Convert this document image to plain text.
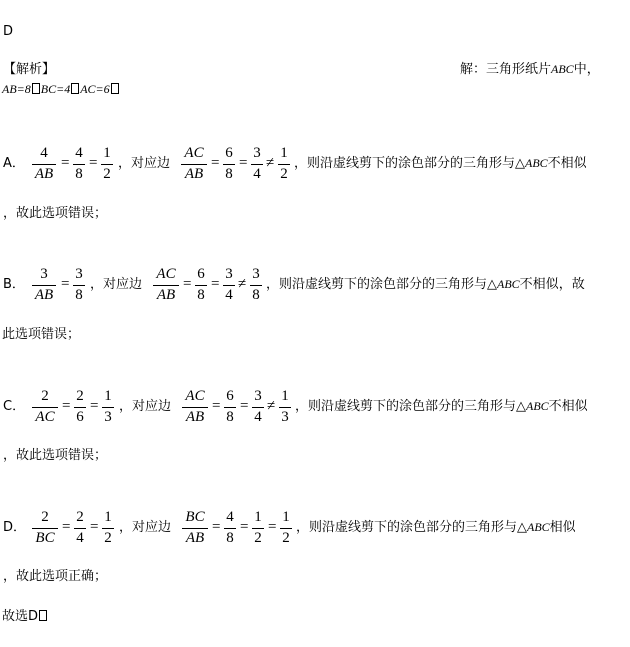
D
【解析】	解：三角形纸片ABC中，
AB=8 BC=4 AC=6
A．
4
AB
=
4
8
=
1
2
，对应边
AC
AB
=
6
8
=
3
4
≠
1
2
，则沿虚线剪下的涂色部分的三角形与△ABC不相似
，故此选项错误；
B．
3
AB
=
3
8
，对应边
AC
AB
=
6
8
=
3
4
≠
3
8
，则沿虚线剪下的涂色部分的三角形与△ABC不相似，故
此选项错误；
C．
2
AC
=
2
6
=
1
3
，对应边
AC
AB
=
6
8
=
3
4
≠
1
3
，则沿虚线剪下的涂色部分的三角形与△ABC不相似
，故此选项错误；
D．
2
BC
=
2
4
=
1
2
，对应边
BC
AB
=
4
8
=
1
2
=
1
2
，则沿虚线剪下的涂色部分的三角形与△ABC相似
，故此选项正确；
故选D
